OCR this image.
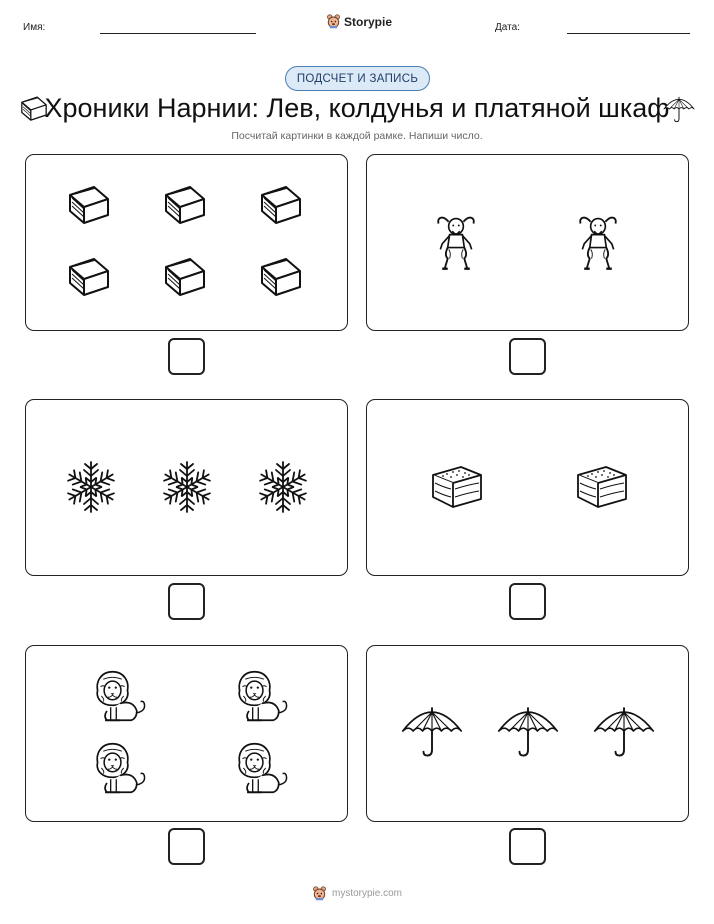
Имя:	Storypie	Дата:
ПОДСЧЕТ И ЗАПИСЬ
Хроники Нарнии: Лев, колдунья и платяной шкаф
Посчитай картинки в каждой рамке. Напиши число.
mystorypie.com
